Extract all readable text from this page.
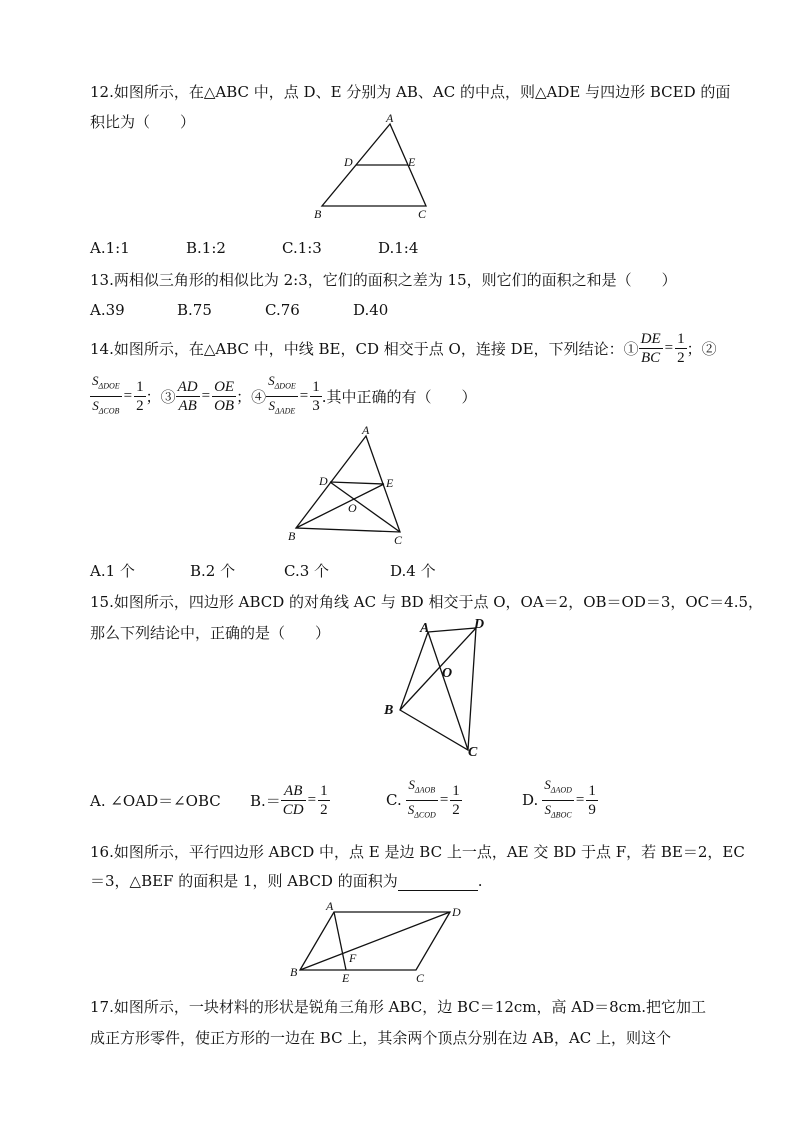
12.如图所示，在△ABC 中，点 D、E 分别为 AB、AC 的中点，则△ADE 与四边形 BCED 的面
积比为（　　）	A
B	C
D	E
A.1:1	B.1:2	C.1:3	D.1:4
13.两相似三角形的相似比为 2:3，它们的面积之差为 15，则它们的面积之和是（　　）
A.39	B.75	C.76	D.40
14.如图所示，在△ABC 中，中线 BE，CD 相交于点 O，连接 DE，下列结论：① $\frac{DE}{BC} = \frac{1}{2}$ ；②
$\frac{S_{\Delta DOE}}{S_{\Delta COB}} = \frac{1}{2}$ ；③ $\frac{AD}{AB} = \frac{OE}{OB}$ ；④ $\frac{S_{\Delta DOE}}{S_{\Delta ADE}} = \frac{1}{3}$ .其中正确的有（　　）
A
B	C
D	E
O
A.1 个	B.2 个	C.3 个	D.4 个
15.如图所示，四边形 ABCD 的对角线 AC 与 BD 相交于点 O，OA＝2，OB＝OD＝3，OC＝4.5，
那么下列结论中，正确的是（　　）	A	D
B
C
O
A. ∠OAD＝∠OBC $B.= \frac{AB}{CD} = \frac{1}{2}$	C. $\frac{S_{\Delta AOB}}{S_{\Delta COD}} = \frac{1}{2}$	D. $\frac{S_{\Delta AOD}}{S_{\Delta BOC}} = \frac{1}{9}$
16.如图所示，平行四边形 ABCD 中，点 E 是边 BC 上一点，AE 交 BD 于点 F，若 BE＝2，EC
＝3，△BEF 的面积是 1，则 ABCD 的面积为	.
A	D
B	C
E
F
17.如图所示，一块材料的形状是锐角三角形 ABC，边 BC＝12cm，高 AD＝8cm.把它加工
成正方形零件，使正方形的一边在 BC 上，其余两个顶点分别在边 AB，AC 上，则这个
